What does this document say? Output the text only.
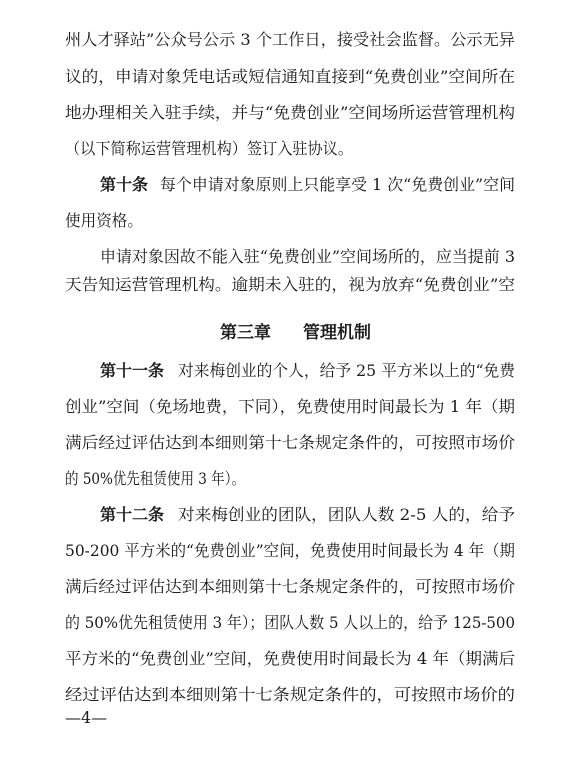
州人才驿站”公众号公示 3 个工作日，接受社会监督。公示无异
议的，申请对象凭电话或短信通知直接到“免费创业”空间所在
地办理相关入驻手续，并与“免费创业”空间场所运营管理机构
（以下简称运营管理机构）签订入驻协议。
第十条 每个申请对象原则上只能享受 1 次“免费创业”空间
使用资格。
申请对象因故不能入驻“免费创业”空间场所的，应当提前 3
天告知运营管理机构。逾期未入驻的，视为放弃“免费创业”空
第三章 管理机制
第十一条 对来梅创业的个人，给予 25 平方米以上的“免费
创业”空间（免场地费，下同），免费使用时间最长为 1 年（期
满后经过评估达到本细则第十七条规定条件的，可按照市场价
的 50%优先租赁使用 3 年）。
第十二条 对来梅创业的团队，团队人数 2-5 人的，给予
50-200 平方米的“免费创业”空间，免费使用时间最长为 4 年（期
满后经过评估达到本细则第十七条规定条件的，可按照市场价
的 50%优先租赁使用 3 年）；团队人数 5 人以上的，给予 125-500
平方米的“免费创业”空间，免费使用时间最长为 4 年（期满后
经过评估达到本细则第十七条规定条件的，可按照市场价的
—4—
